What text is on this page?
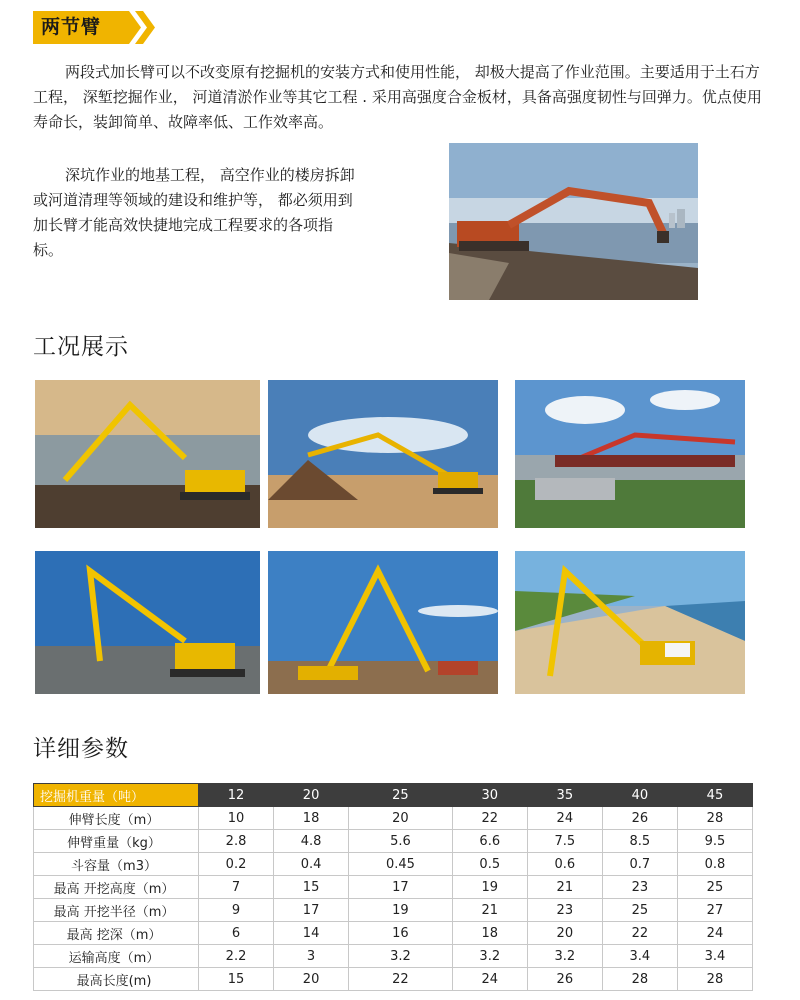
两节臂

两段式加长臂可以不改变原有挖掘机的安装方式和使用性能， 却极大提高了作业范围。主要适用于土石方工程， 深堑挖掘作业， 河道清淤作业等其它工程 . 采用高强度合金板材，具备高强度韧性与回弹力。优点使用寿命长，装卸简单、故障率低、工作效率高。

深坑作业的地基工程， 高空作业的楼房拆卸或河道清理等领域的建设和维护等， 都必须用到加长臂才能高效快捷地完成工程要求的各项指标。

工况展示
详细参数
挖掘机重量（吨）	12	20	25	30	35	40	45
伸臂长度（m）	10	18	20	22	24	26	28
伸臂重量（kg）	2.8	4.8	5.6	6.6	7.5	8.5	9.5
斗容量（m3）	0.2	0.4	0.45	0.5	0.6	0.7	0.8
最高 开挖高度（m）	7	15	17	19	21	23	25
最高 开挖半径（m）	9	17	19	21	23	25	27
最高 挖深（m）	6	14	16	18	20	22	24
运输高度（m）	2.2	3	3.2	3.2	3.2	3.4	3.4
最高长度(m)	15	20	22	24	26	28	28
